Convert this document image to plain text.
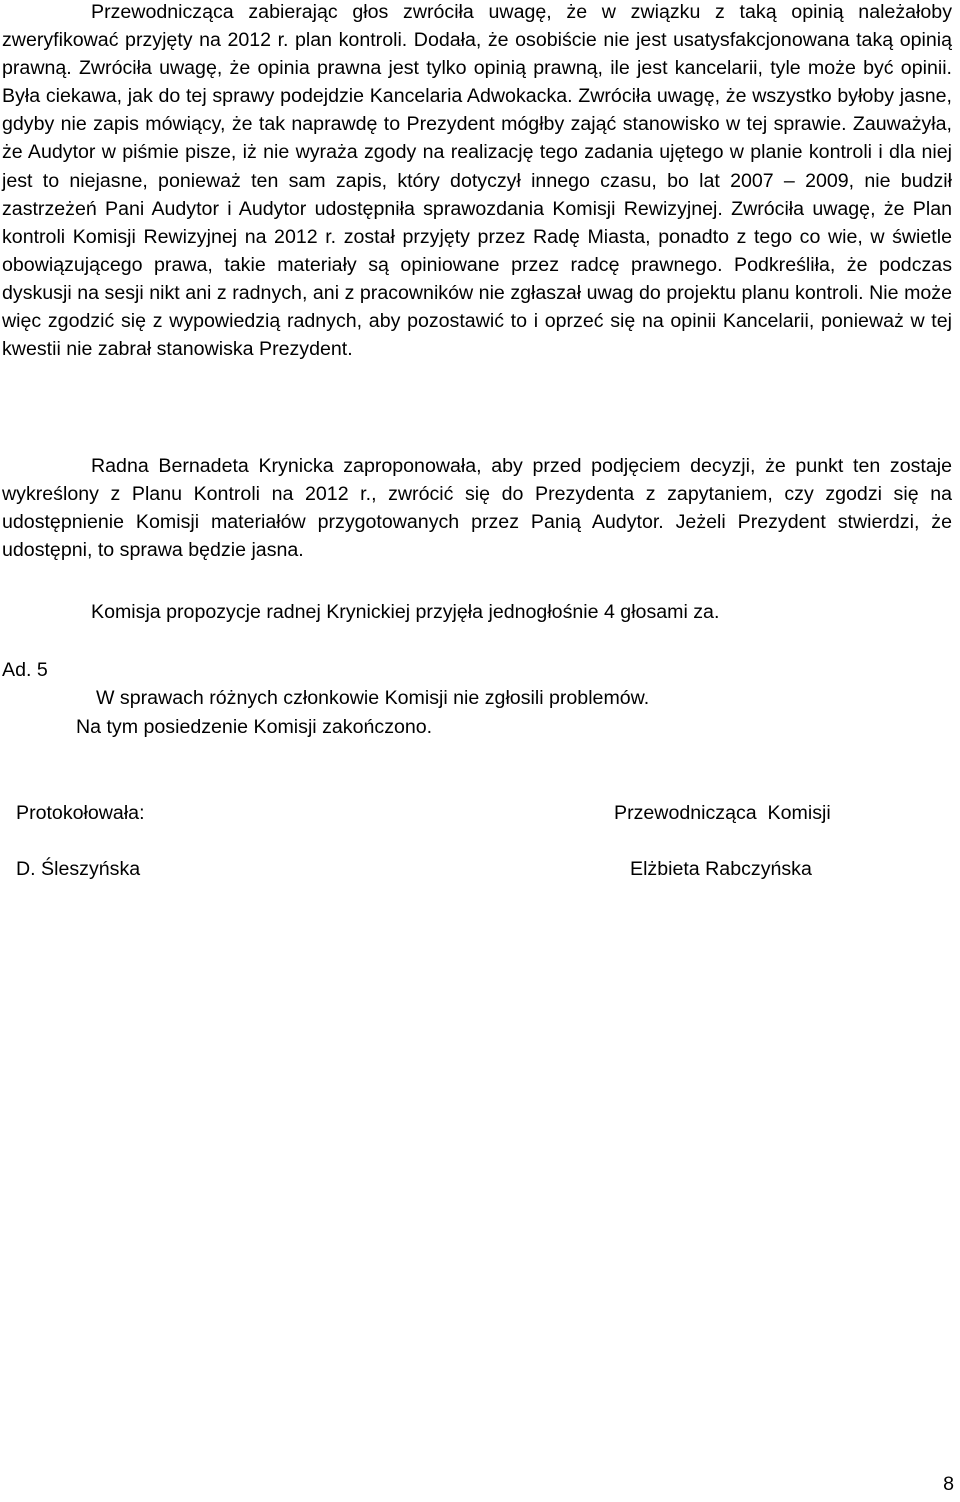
Przewodnicząca zabierając głos zwróciła uwagę, że w związku z taką opinią należałoby zweryfikować przyjęty na 2012 r. plan kontroli. Dodała, że osobiście nie jest usatysfakcjonowana taką opinią prawną. Zwróciła uwagę, że opinia prawna jest tylko opinią prawną, ile jest kancelarii, tyle może być opinii. Była ciekawa, jak do tej sprawy podejdzie Kancelaria Adwokacka. Zwróciła uwagę, że wszystko byłoby jasne, gdyby nie zapis mówiący, że tak naprawdę to Prezydent mógłby zająć stanowisko w tej sprawie. Zauważyła, że Audytor w piśmie pisze, iż nie wyraża zgody na realizację tego zadania ujętego w planie kontroli i dla niej jest to niejasne, ponieważ ten sam zapis, który dotyczył innego czasu, bo lat 2007 – 2009, nie budził zastrzeżeń Pani Audytor i Audytor udostępniła sprawozdania Komisji Rewizyjnej. Zwróciła uwagę, że Plan kontroli Komisji Rewizyjnej na 2012 r. został przyjęty przez Radę Miasta, ponadto z tego co wie, w świetle obowiązującego prawa, takie materiały są opiniowane przez radcę prawnego. Podkreśliła, że podczas dyskusji na sesji nikt ani z radnych, ani z pracowników nie zgłaszał uwag do projektu planu kontroli. Nie może więc zgodzić się z wypowiedzią radnych, aby pozostawić to i oprzeć się na opinii Kancelarii, ponieważ w tej kwestii nie zabrał stanowiska Prezydent.

Radna Bernadeta Krynicka zaproponowała, aby przed podjęciem decyzji, że punkt ten zostaje wykreślony z Planu Kontroli na 2012 r., zwrócić się do Prezydenta z zapytaniem, czy zgodzi się na udostępnienie Komisji materiałów przygotowanych przez Panią Audytor. Jeżeli Prezydent stwierdzi, że udostępni, to sprawa będzie jasna.

Komisja propozycje radnej Krynickiej przyjęła jednogłośnie 4 głosami za.

Ad. 5
W sprawach różnych członkowie Komisji nie zgłosili problemów.
Na tym posiedzenie Komisji zakończono.
Protokołowała:
D. Śleszyńska
Przewodnicząca  Komisji
Elżbieta Rabczyńska
8
